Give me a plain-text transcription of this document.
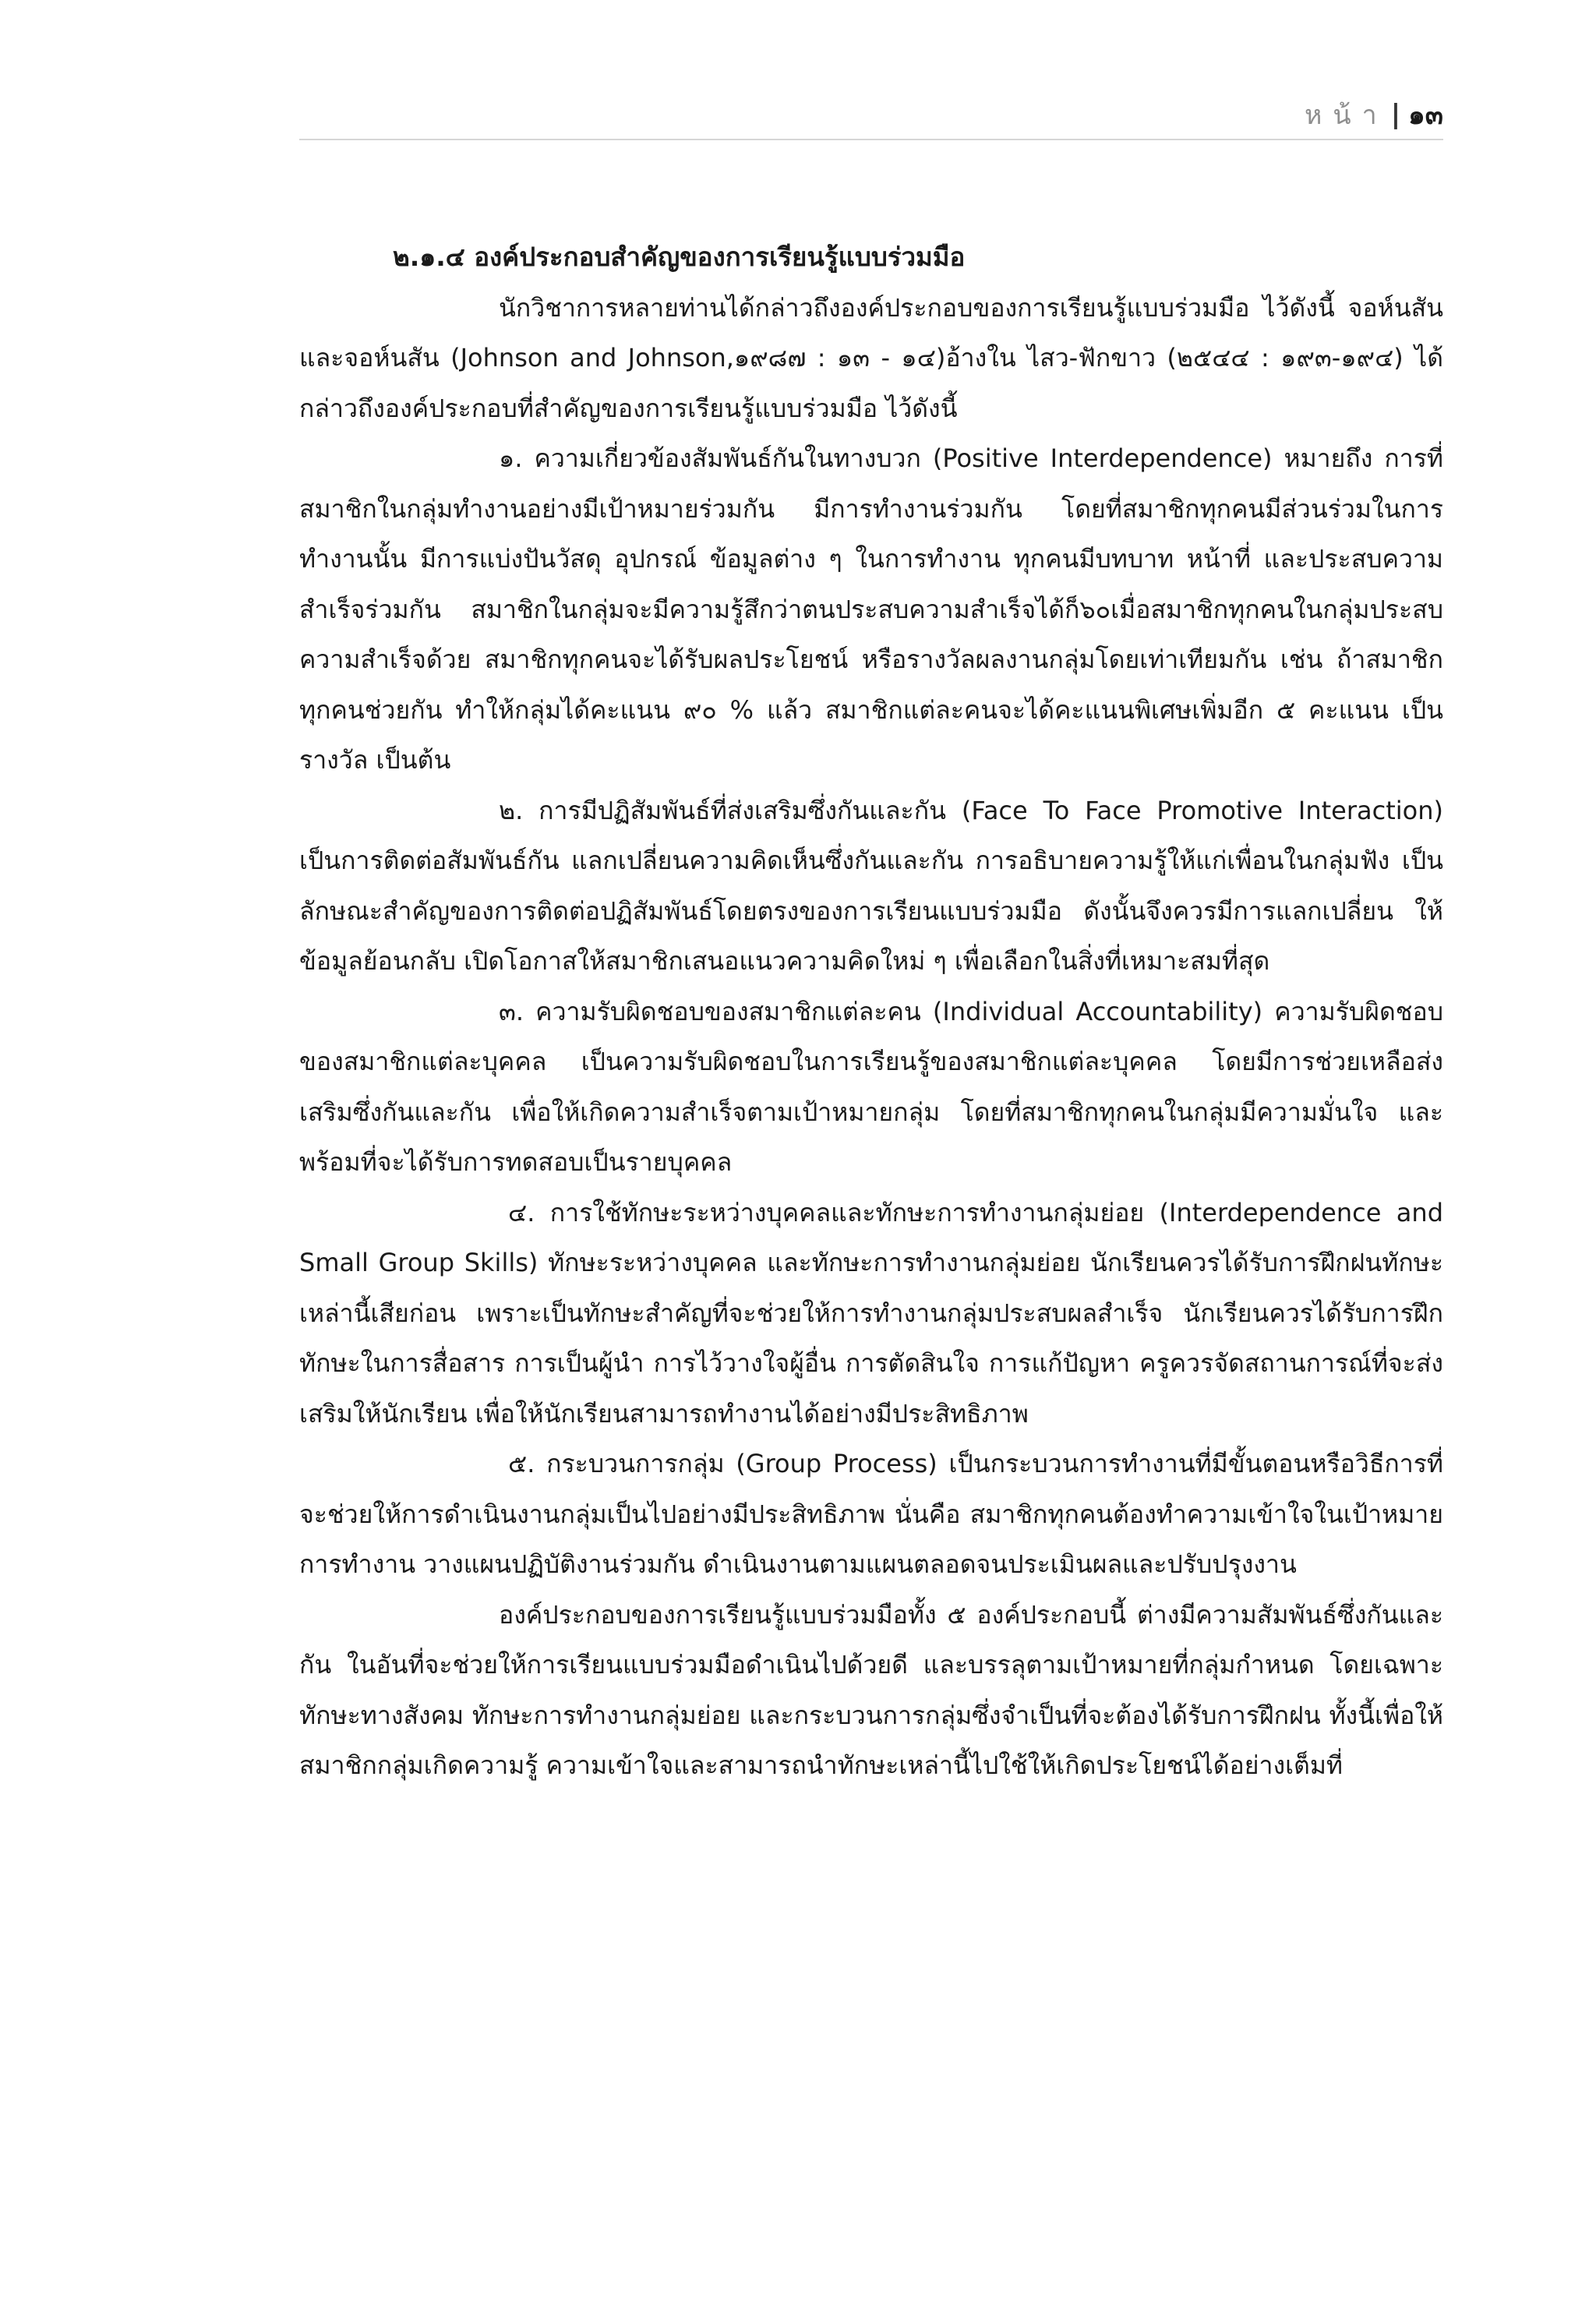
หน้า | ๑๓

๒.๑.๔ องค์ประกอบสำคัญของการเรียนรู้แบบร่วมมือ

นักวิชาการหลายท่านได้กล่าวถึงองค์ประกอบของการเรียนรู้แบบร่วมมือ ไว้ดังนี้ จอห์นสัน และจอห์นสัน (Johnson and Johnson,๑๙๘๗ : ๑๓ - ๑๔)อ้างใน ไสว-ฟักขาว (๒๕๔๔ : ๑๙๓-๑๙๔) ได้กล่าวถึงองค์ประกอบที่สำคัญของการเรียนรู้แบบร่วมมือ ไว้ดังนี้

๑. ความเกี่ยวข้องสัมพันธ์กันในทางบวก (Positive Interdependence) หมายถึง การที่สมาชิกในกลุ่มทำงานอย่างมีเป้าหมายร่วมกัน มีการทำงานร่วมกัน โดยที่สมาชิกทุกคนมีส่วนร่วมในการทำงานนั้น มีการแบ่งปันวัสดุ อุปกรณ์ ข้อมูลต่าง ๆ ในการทำงาน ทุกคนมีบทบาท หน้าที่ และประสบความสำเร็จร่วมกัน สมาชิกในกลุ่มจะมีความรู้สึกว่าตนประสบความสำเร็จได้ก็๖๐เมื่อสมาชิกทุกคนในกลุ่มประสบความสำเร็จด้วย สมาชิกทุกคนจะได้รับผลประโยชน์ หรือรางวัลผลงานกลุ่มโดยเท่าเทียมกัน เช่น ถ้าสมาชิกทุกคนช่วยกัน ทำให้กลุ่มได้คะแนน ๙๐ % แล้ว สมาชิกแต่ละคนจะได้คะแนนพิเศษเพิ่มอีก ๕ คะแนน เป็นรางวัล เป็นต้น

๒. การมีปฏิสัมพันธ์ที่ส่งเสริมซึ่งกันและกัน (Face To Face Promotive Interaction) เป็นการติดต่อสัมพันธ์กัน แลกเปลี่ยนความคิดเห็นซึ่งกันและกัน การอธิบายความรู้ให้แก่เพื่อนในกลุ่มฟัง เป็นลักษณะสำคัญของการติดต่อปฏิสัมพันธ์โดยตรงของการเรียนแบบร่วมมือ ดังนั้นจึงควรมีการแลกเปลี่ยน ให้ข้อมูลย้อนกลับ เปิดโอกาสให้สมาชิกเสนอแนวความคิดใหม่ ๆ เพื่อเลือกในสิ่งที่เหมาะสมที่สุด

๓. ความรับผิดชอบของสมาชิกแต่ละคน (Individual Accountability) ความรับผิดชอบของสมาชิกแต่ละบุคคล เป็นความรับผิดชอบในการเรียนรู้ของสมาชิกแต่ละบุคคล โดยมีการช่วยเหลือส่งเสริมซึ่งกันและกัน เพื่อให้เกิดความสำเร็จตามเป้าหมายกลุ่ม โดยที่สมาชิกทุกคนในกลุ่มมีความมั่นใจ และพร้อมที่จะได้รับการทดสอบเป็นรายบุคคล

๔. การใช้ทักษะระหว่างบุคคลและทักษะการทำงานกลุ่มย่อย (Interdependence and Small Group Skills) ทักษะระหว่างบุคคล และทักษะการทำงานกลุ่มย่อย นักเรียนควรได้รับการฝึกฝนทักษะเหล่านี้เสียก่อน เพราะเป็นทักษะสำคัญที่จะช่วยให้การทำงานกลุ่มประสบผลสำเร็จ นักเรียนควรได้รับการฝึกทักษะในการสื่อสาร การเป็นผู้นำ การไว้วางใจผู้อื่น การตัดสินใจ การแก้ปัญหา ครูควรจัดสถานการณ์ที่จะส่งเสริมให้นักเรียน เพื่อให้นักเรียนสามารถทำงานได้อย่างมีประสิทธิภาพ

๕. กระบวนการกลุ่ม (Group Process) เป็นกระบวนการทำงานที่มีขั้นตอนหรือวิธีการที่จะช่วยให้การดำเนินงานกลุ่มเป็นไปอย่างมีประสิทธิภาพ นั่นคือ สมาชิกทุกคนต้องทำความเข้าใจในเป้าหมายการทำงาน วางแผนปฏิบัติงานร่วมกัน ดำเนินงานตามแผนตลอดจนประเมินผลและปรับปรุงงาน

องค์ประกอบของการเรียนรู้แบบร่วมมือทั้ง ๕ องค์ประกอบนี้ ต่างมีความสัมพันธ์ซึ่งกันและกัน ในอันที่จะช่วยให้การเรียนแบบร่วมมือดำเนินไปด้วยดี และบรรลุตามเป้าหมายที่กลุ่มกำหนด โดยเฉพาะทักษะทางสังคม ทักษะการทำงานกลุ่มย่อย และกระบวนการกลุ่มซึ่งจำเป็นที่จะต้องได้รับการฝึกฝน ทั้งนี้เพื่อให้สมาชิกกลุ่มเกิดความรู้ ความเข้าใจและสามารถนำทักษะเหล่านี้ไปใช้ให้เกิดประโยชน์ได้อย่างเต็มที่
